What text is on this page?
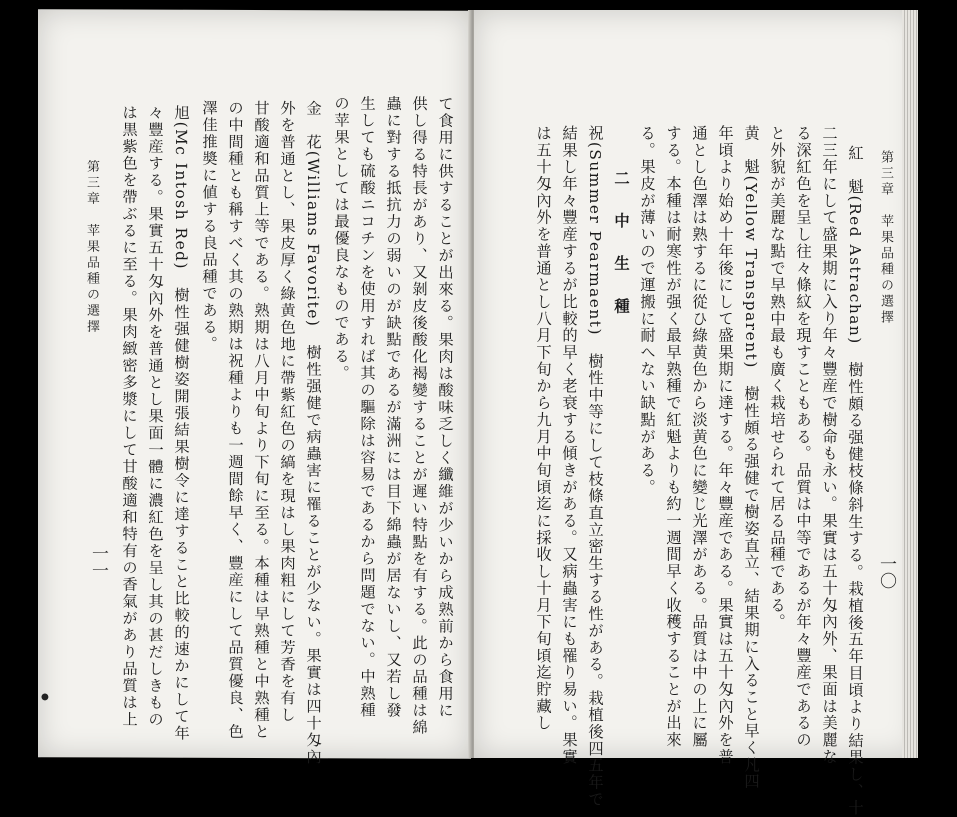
て食用に供することが出來る。果肉は酸味乏しく纖維が少いから成熟前から食用に
供し得る特長があり、又剝皮後酸化褐變することが遲い特點を有する。此の品種は綿
蟲に對する抵抗力の弱いのが缺點であるが滿洲には目下綿蟲が居ないし、又若し發
生しても硫酸ニコチンを使用すれば其の驅除は容易であるから問題でない。中熟種
の苹果としては最優良なものである。
金　花(Williams Favorite)　樹性强健で病蟲害に罹ることが少ない。果實は四十匁內
外を普通とし、果皮厚く綠黄色地に帶紫紅色の縞を現はし果肉粗にして芳香を有し
甘酸適和品質上等である。熟期は八月中旬より下旬に至る。本種は早熟種と中熟種と
の中間種とも稱すべく其の熟期は祝種よりも一週間餘早く、豐産にして品質優良、色
澤佳推奬に値する良品種である。
旭(Mc Intosh Red)　樹性强健樹姿開張結果樹令に達すること比較的速かにして年
々豐産する。果實五十匁內外を普通とし果面一體に濃紅色を呈し其の甚だしきもの
は黒紫色を帶ぶるに至る。果肉緻密多漿にして甘酸適和特有の香氣があり品質は上
第三章　苹果品種の選擇
一一
●
第三章　苹果品種の選擇
一〇
紅　魁(Red Astrachan)　樹性頗る强健枝條斜生する。栽植後五年目頃より結果し、十
二三年にして盛果期に入り年々豐産で樹命も永い。果實は五十匁內外、果面は美麗な
る深紅色を呈し往々條紋を現すこともある。品質は中等であるが年々豐産であるの
と外貌が美麗な點で早熟中最も廣く栽培せられて居る品種である。
黄　魁(Yellow Transparent)　樹性頗る强健で樹姿直立、結果期に入ること早く凡四
年頃より始め十年後にして盛果期に達する。年々豐産である。果實は五十匁內外を普
通とし色澤は熟するに從ひ綠黄色から淡黄色に變じ光澤がある。品質は中の上に屬
する。本種は耐寒性が强く最早熟種で紅魁よりも約一週間早く收穫することが出來
る。果皮が薄いので運搬に耐へない缺點がある。
二　中　生　種
祝(Summer Pearmaent)　樹性中等にして枝條直立密生する性がある。栽植後四五年で
結果し年々豐産するが比較的早く老衰する傾きがある。又病蟲害にも罹り易い。果實
は五十匁內外を普通とし八月下旬から九月中旬頃迄に採收し十月下旬頃迄貯藏し
